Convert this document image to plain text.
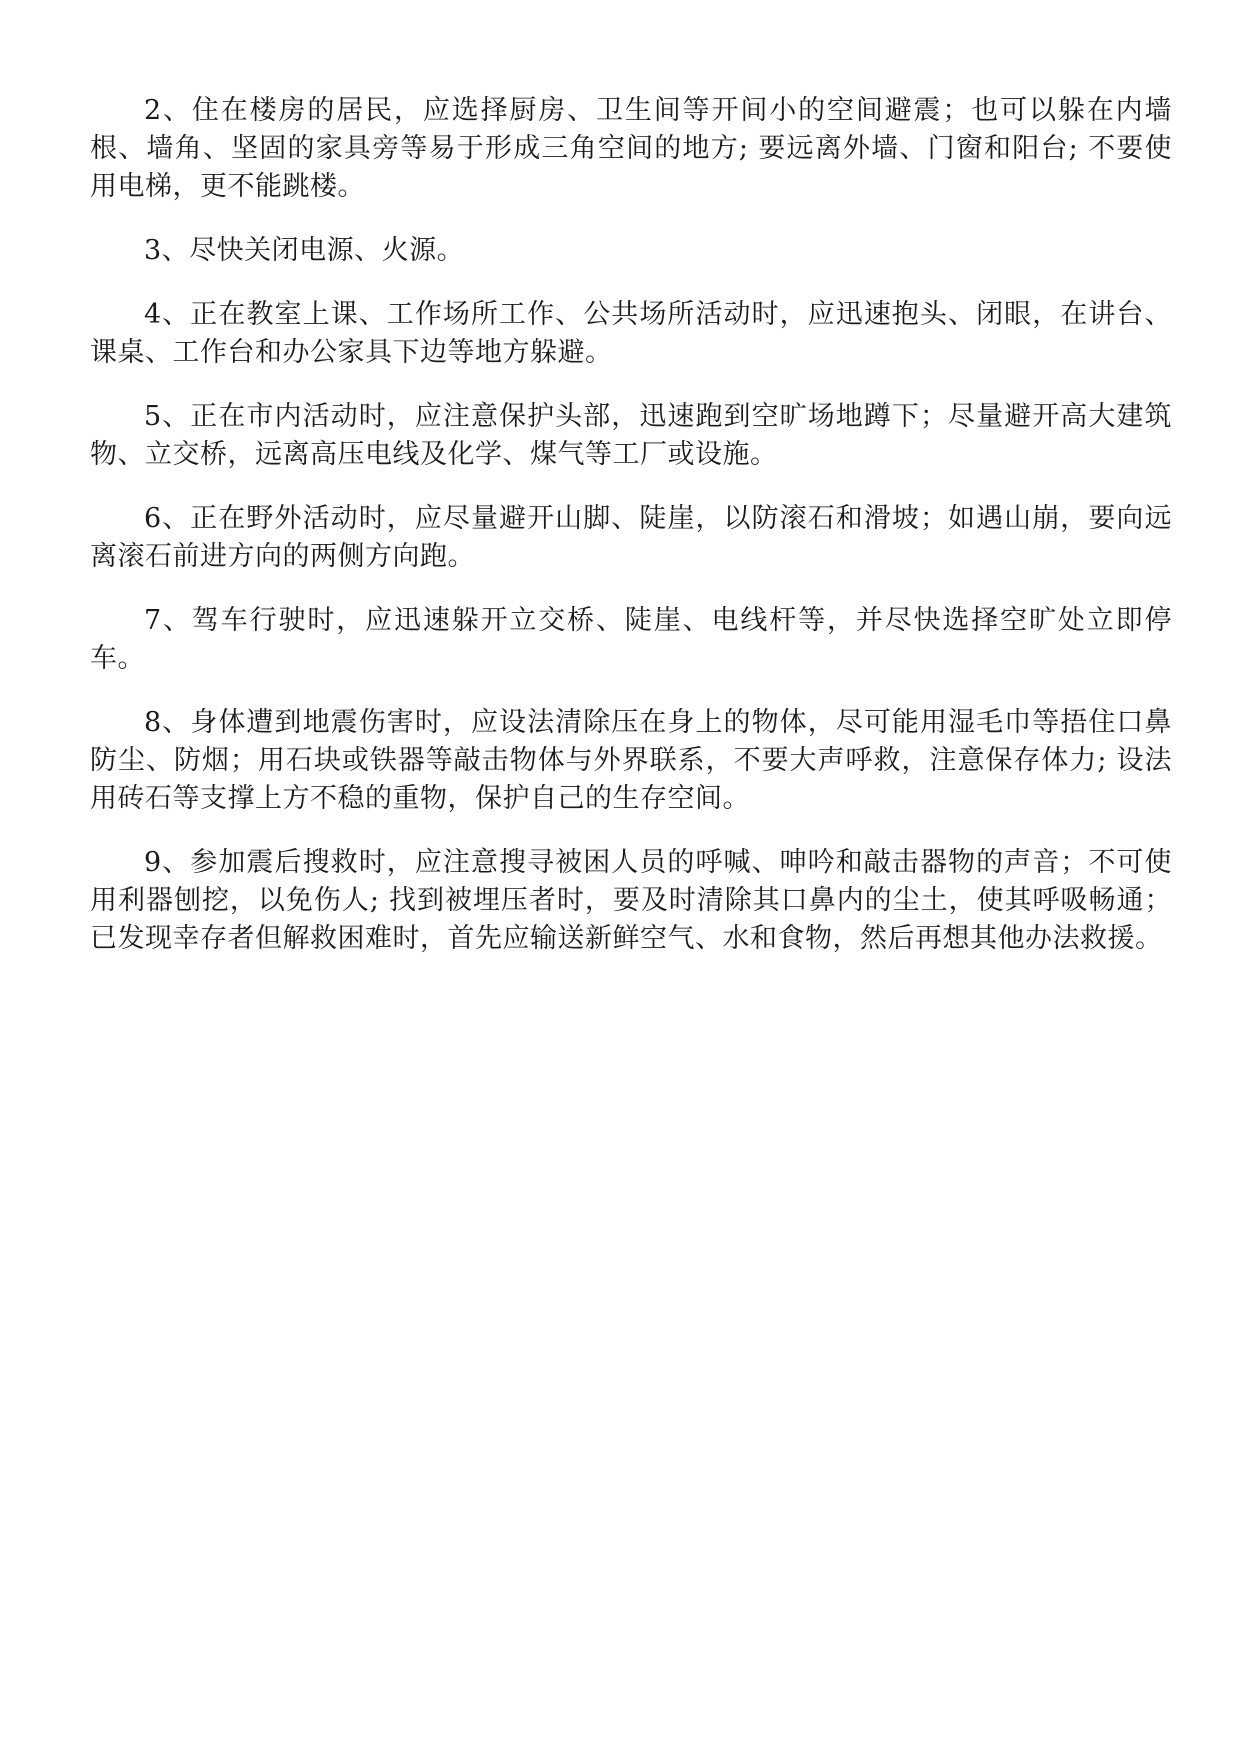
2、住在楼房的居民，应选择厨房、卫生间等开间小的空间避震；也可以躲在内墙根、墙角、坚固的家具旁等易于形成三角空间的地方; 要远离外墙、门窗和阳台; 不要使用电梯，更不能跳楼。

3、尽快关闭电源、火源。

4、正在教室上课、工作场所工作、公共场所活动时，应迅速抱头、闭眼，在讲台、课桌、工作台和办公家具下边等地方躲避。

5、正在市内活动时，应注意保护头部，迅速跑到空旷场地蹲下；尽量避开高大建筑物、立交桥，远离高压电线及化学、煤气等工厂或设施。

6、正在野外活动时，应尽量避开山脚、陡崖，以防滚石和滑坡；如遇山崩，要向远离滚石前进方向的两侧方向跑。

7、驾车行驶时，应迅速躲开立交桥、陡崖、电线杆等，并尽快选择空旷处立即停车。

8、身体遭到地震伤害时，应设法清除压在身上的物体，尽可能用湿毛巾等捂住口鼻防尘、防烟；用石块或铁器等敲击物体与外界联系，不要大声呼救，注意保存体力; 设法用砖石等支撑上方不稳的重物，保护自己的生存空间。

9、参加震后搜救时，应注意搜寻被困人员的呼喊、呻吟和敲击器物的声音；不可使用利器刨挖，以免伤人; 找到被埋压者时，要及时清除其口鼻内的尘土，使其呼吸畅通；已发现幸存者但解救困难时，首先应输送新鲜空气、水和食物，然后再想其他办法救援。
